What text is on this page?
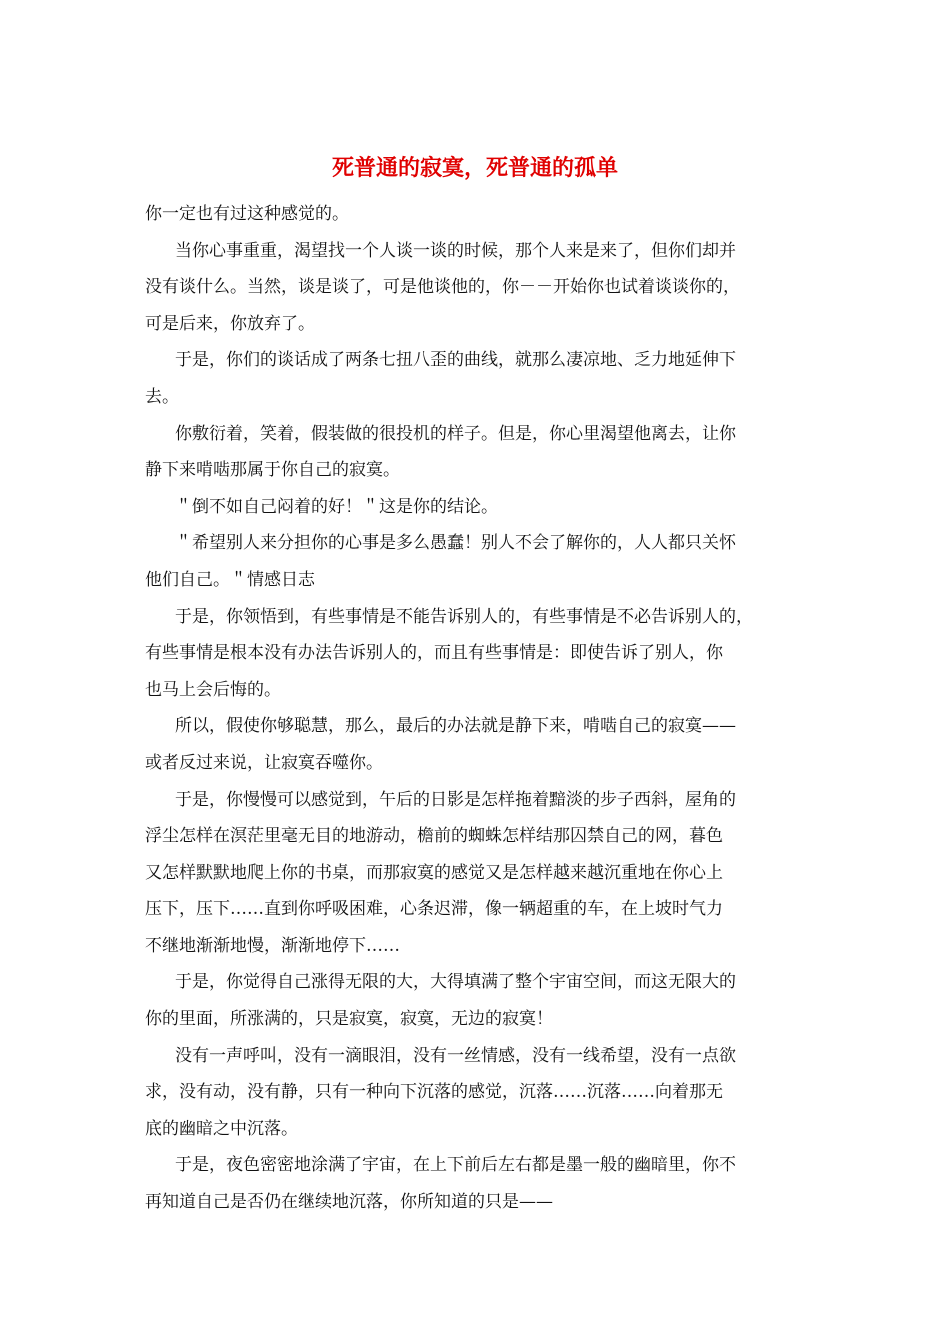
死普通的寂寞，死普通的孤单
你一定也有过这种感觉的。
当你心事重重，渴望找一个人谈一谈的时候，那个人来是来了，但你们却并
没有谈什么。当然，谈是谈了，可是他谈他的，你－－开始你也试着谈谈你的，
可是后来，你放弃了。
于是，你们的谈话成了两条七扭八歪的曲线，就那么凄凉地、乏力地延伸下
去。
你敷衍着，笑着，假装做的很投机的样子。但是，你心里渴望他离去，让你
静下来啃啮那属于你自己的寂寞。
＂倒不如自己闷着的好！＂这是你的结论。
＂希望别人来分担你的心事是多么愚蠢！别人不会了解你的，人人都只关怀
他们自己。＂情感日志
于是，你领悟到，有些事情是不能告诉别人的，有些事情是不必告诉别人的，
有些事情是根本没有办法告诉别人的，而且有些事情是：即使告诉了别人，你
也马上会后悔的。
所以，假使你够聪慧，那么，最后的办法就是静下来，啃啮自己的寂寞——
或者反过来说，让寂寞吞噬你。
于是，你慢慢可以感觉到，午后的日影是怎样拖着黯淡的步子西斜，屋角的
浮尘怎样在溟茫里毫无目的地游动，檐前的蜘蛛怎样结那囚禁自己的网，暮色
又怎样默默地爬上你的书桌，而那寂寞的感觉又是怎样越来越沉重地在你心上
压下，压下……直到你呼吸困难，心条迟滞，像一辆超重的车，在上坡时气力
不继地渐渐地慢，渐渐地停下……
于是，你觉得自己涨得无限的大，大得填满了整个宇宙空间，而这无限大的
你的里面，所涨满的，只是寂寞，寂寞，无边的寂寞！
没有一声呼叫，没有一滴眼泪，没有一丝情感，没有一线希望，没有一点欲
求，没有动，没有静，只有一种向下沉落的感觉，沉落……沉落……向着那无
底的幽暗之中沉落。
于是，夜色密密地涂满了宇宙，在上下前后左右都是墨一般的幽暗里，你不
再知道自己是否仍在继续地沉落，你所知道的只是——
